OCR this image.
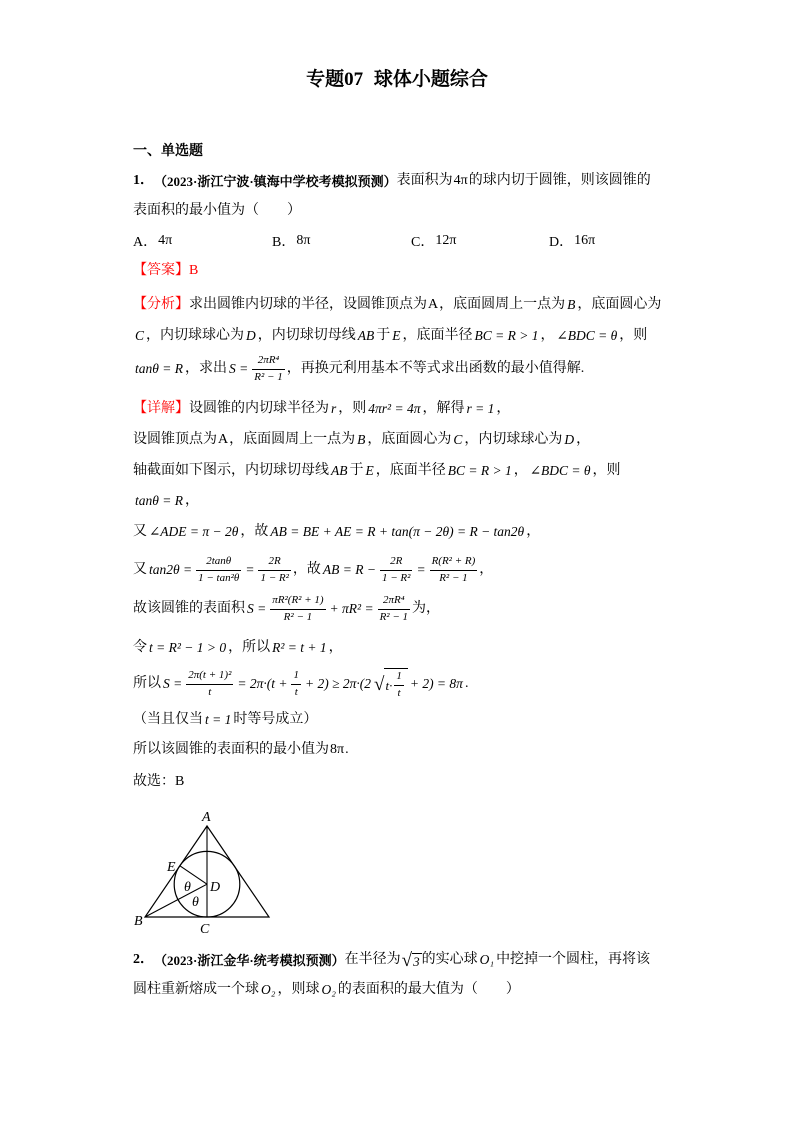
专题07 球体小题综合
一、单选题
1． （2023·浙江宁波·镇海中学校考模拟预测） 表面积为 4π 的球内切于圆锥，则该圆锥的
表面积的最小值为（　　）
A． 4π	B． 8π	C． 12π	D． 16π
【答案】 B
【分析】 求出圆锥内切球的半径，设圆锥顶点为 A ，底面圆周上一点为 B ，底面圆心为
C ，内切球球心为 D ，内切球切母线 AB 于 E ，底面半径 BC = R > 1 ， ∠BDC = θ ，则
tanθ = R ，求出 $S = \frac{\text{2πR⁴}}{\text{R² − 1}}$ ，再换元利用基本不等式求出函数的最小值得解.
【详解】 设圆锥的内切球半径为 r ，则 4πr² = 4π ，解得 r = 1 ，
设圆锥顶点为 A ，底面圆周上一点为 B ，底面圆心为 C ，内切球球心为 D ，
轴截面如下图示，内切球切母线 AB 于 E ，底面半径 BC = R > 1 ， ∠BDC = θ ，则
tanθ = R ，
又 ∠ADE = π − 2θ ，故 AB = BE + AE = R + tan(π − 2θ) = R − tan2θ ，
又 $\tan 2\theta = \frac{2\tan\theta}{\text{1 − tan²θ}} = \frac{2R}{\text{1 − R²}}$ ，故 AB = $R - \frac{2R}{\text{1 − R²}} = \frac{\text{R(R² + R)}}{\text{R² − 1}}$ ，
故该圆锥的表面积 $S = \frac{\text{πR²(R² + 1)}}{\text{R² − 1}} + \pi R^2 = \frac{\text{2πR⁴}}{\text{R² − 1}}$ 为，
令 t = R² − 1 > 0 ，所以 R² = t + 1 ，
所以 $S = \frac{\text{2π(t + 1)²}}{t} = 2\pi\cdot(t + \frac{1}{t} + 2) \ge 2\pi\cdot(2$ √ $t\cdot \frac{1}{t} + 2) = 8\pi$ .
（当且仅当 t = 1 时等号成立）
所以该圆锥的表面积的最小值为 8π .
故选：B
A
E
D
θ
θ
B
C
2． （2023·浙江金华·统考模拟预测） 在半径为 √ 3 的实心球 O₁ 中挖掉一个圆柱，再将该
圆柱重新熔成一个球 O₂ ，则球 O₂ 的表面积的最大值为（　　）
